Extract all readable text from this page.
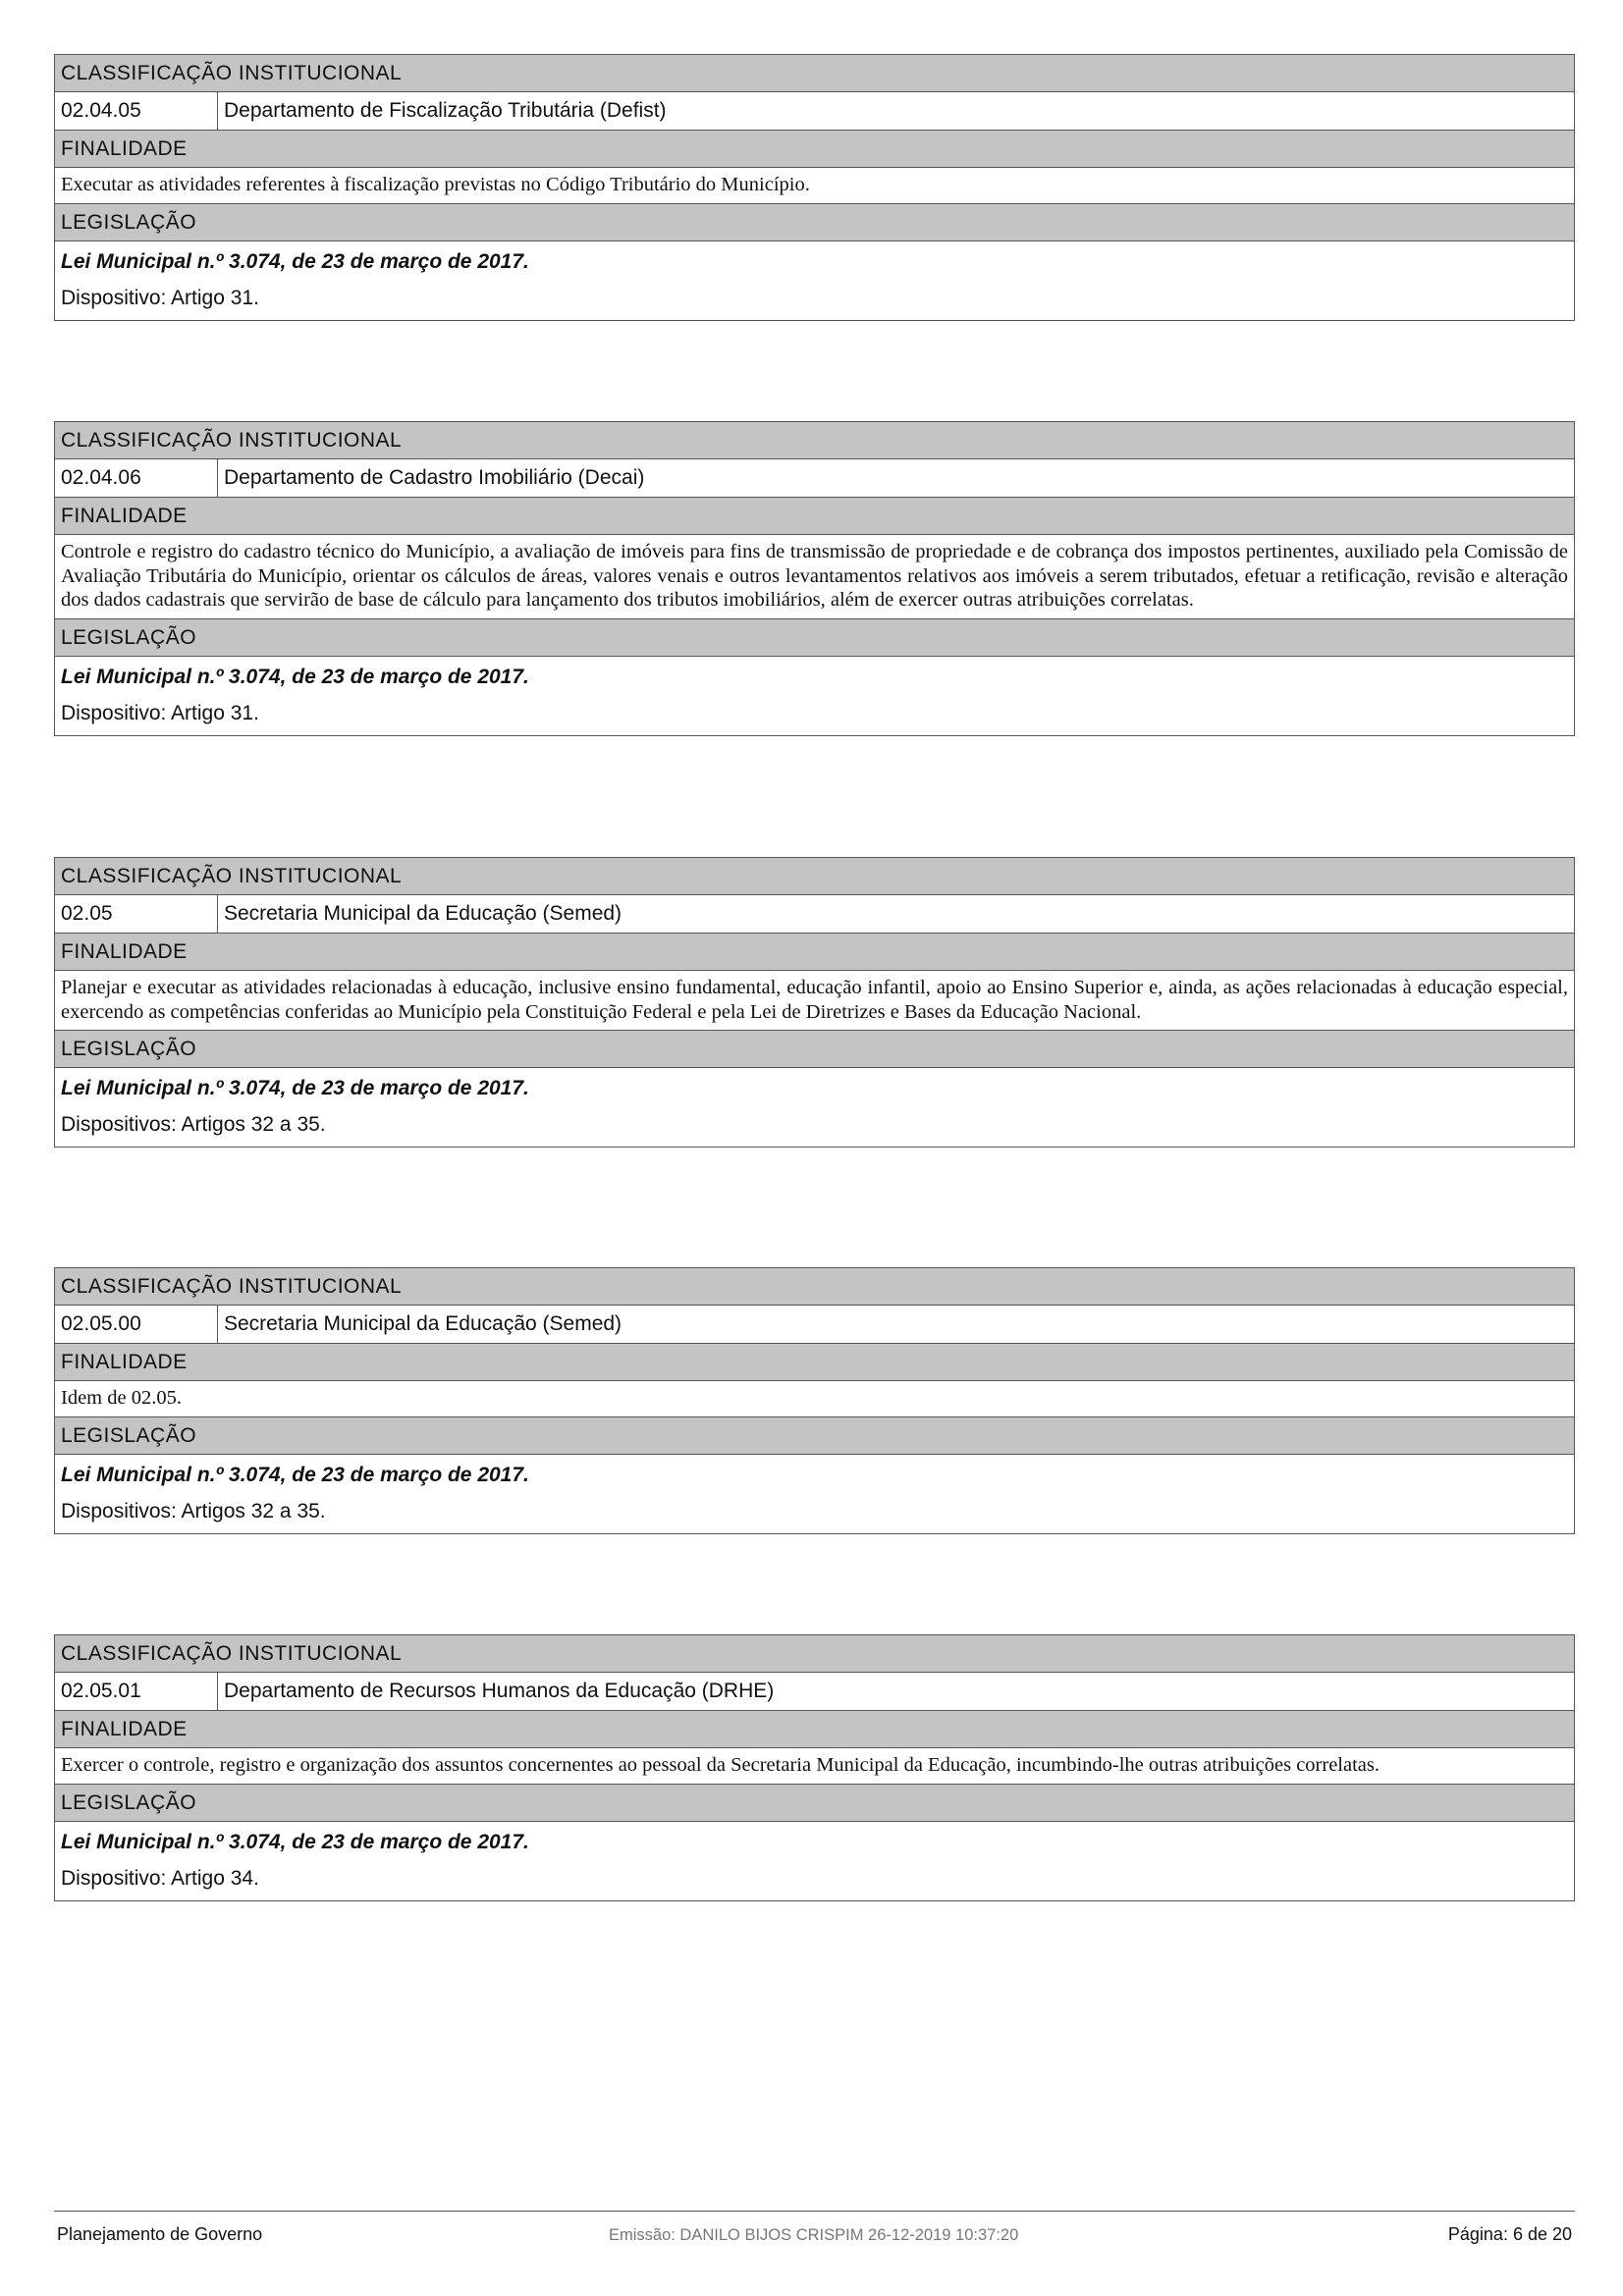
CLASSIFICAÇÃO INSTITUCIONAL
02.04.05	Departamento de Fiscalização Tributária (Defist)
FINALIDADE
Executar as atividades referentes à fiscalização previstas no Código Tributário do Município.
LEGISLAÇÃO
Lei Municipal n.º 3.074, de 23 de março de 2017.
Dispositivo: Artigo 31.
CLASSIFICAÇÃO INSTITUCIONAL
02.04.06	Departamento de Cadastro Imobiliário (Decai)
FINALIDADE
Controle e registro do cadastro técnico do Município, a avaliação de imóveis para fins de transmissão de propriedade e de cobrança dos impostos pertinentes, auxiliado pela Comissão de Avaliação Tributária do Município, orientar os cálculos de áreas, valores venais e outros levantamentos relativos aos imóveis a serem tributados, efetuar a retificação, revisão e alteração dos dados cadastrais que servirão de base de cálculo para lançamento dos tributos imobiliários, além de exercer outras atribuições correlatas.
LEGISLAÇÃO
Lei Municipal n.º 3.074, de 23 de março de 2017.
Dispositivo: Artigo 31.
CLASSIFICAÇÃO INSTITUCIONAL
02.05	Secretaria Municipal da Educação (Semed)
FINALIDADE
Planejar e executar as atividades relacionadas à educação, inclusive ensino fundamental, educação infantil, apoio ao Ensino Superior e, ainda, as ações relacionadas à educação especial, exercendo as competências conferidas ao Município pela Constituição Federal e pela Lei de Diretrizes e Bases da Educação Nacional.
LEGISLAÇÃO
Lei Municipal n.º 3.074, de 23 de março de 2017.
Dispositivos: Artigos 32 a 35.
CLASSIFICAÇÃO INSTITUCIONAL
02.05.00	Secretaria Municipal da Educação (Semed)
FINALIDADE
Idem de 02.05.
LEGISLAÇÃO
Lei Municipal n.º 3.074, de 23 de março de 2017.
Dispositivos: Artigos 32 a 35.
CLASSIFICAÇÃO INSTITUCIONAL
02.05.01	Departamento de Recursos Humanos da Educação (DRHE)
FINALIDADE
Exercer o controle, registro e organização dos assuntos concernentes ao pessoal da Secretaria Municipal da Educação, incumbindo-lhe outras atribuições correlatas.
LEGISLAÇÃO
Lei Municipal n.º 3.074, de 23 de março de 2017.
Dispositivo: Artigo 34.
Planejamento de Governo	Emissão: DANILO BIJOS CRISPIM 26-12-2019 10:37:20	Página: 6 de 20
